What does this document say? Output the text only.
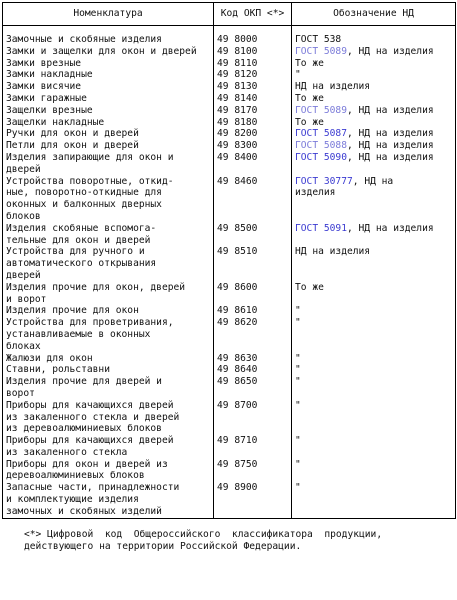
Номенклатура	Код ОКП <*>	Обозначение НД
Замочные и скобяные изделия	49 8000	ГОСТ 538
Замки и защелки для окон и дверей	49 8100	ГОСТ 5089, НД на изделия
Замки врезные	49 8110	То же
Замки накладные	49 8120	"
Замки висячие	49 8130	НД на изделия
Замки гаражные	49 8140	То же
Защелки врезные	49 8170	ГОСТ 5089, НД на изделия
Защелки накладные	49 8180	То же
Ручки для окон и дверей	49 8200	ГОСТ 5087, НД на изделия
Петли для окон и дверей	49 8300	ГОСТ 5088, НД на изделия
Изделия запирающие для окон и дверей	49 8400	ГОСТ 5090, НД на изделия
Устройства поворотные, откид-
ные, поворотно-откидные для
оконных и балконных дверных
блоков	49 8460	ГОСТ 30777, НД на
изделия
Изделия скобяные вспомога-
тельные для окон и дверей	49 8500	ГОСТ 5091, НД на изделия
Устройства для ручного и
автоматического открывания
дверей	49 8510	НД на изделия
Изделия прочие для окон, дверей
и ворот	49 8600	То же
Изделия прочие для окон	49 8610	"
Устройства для проветривания,
устанавливаемые в оконных
блоках	49 8620	"
Жалюзи для окон	49 8630	"
Ставни, рольставни	49 8640	"
Изделия прочие для дверей и
ворот	49 8650	"
Приборы для качающихся дверей
из закаленного стекла и дверей
из деревоалюминиевых блоков	49 8700	"
Приборы для качающихся дверей
из закаленного стекла	49 8710	"
Приборы для окон и дверей из
деревоалюминиевых блоков	49 8750	"
Запасные части, принадлежности
и комплектующие изделия
замочных и скобяных изделий	49 8900	"
<*> Цифровой  код  Общероссийского  классификатора  продукции,
действующего на территории Российской Федерации.
